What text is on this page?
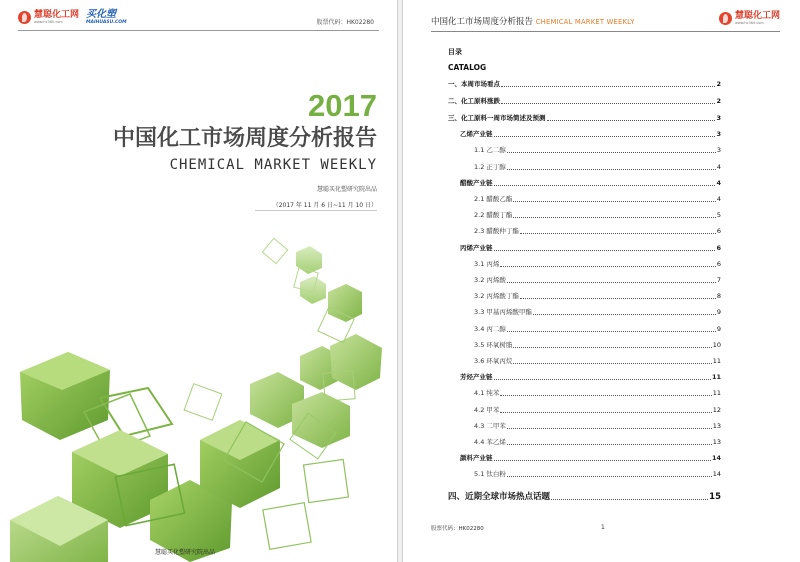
慧聪化工网
www.hc360.com
买化塑
MAIHUASU.COM	股票代码：HK02280
2017
中国化工市场周度分析报告
CHEMICAL MARKET WEEKLY
慧聪买化塑研究院出品
（2017 年 11 月 6 日~11 月 10 日）
慧聪买化塑研究院出品
中国化工市场周度分析报告 CHEMICAL MARKET WEEKLY
慧聪化工网
www.hc360.com
目录
CATALOG
一、本周市场看点	2
二、化工原料涨跌	2
三、化工原料一周市场简述及预测	3
乙烯产业链	3
1.1 乙二醇	3
1.2 正丁醇	4
醋酸产业链	4
2.1 醋酸乙酯	4
2.2 醋酸丁酯	5
2.3 醋酸仲丁酯	6
丙烯产业链	6
3.1 丙烯	6
3.2 丙烯酸	7
3.2 丙烯酸丁酯	8
3.3 甲基丙烯酸甲酯	9
3.4 丙二醇	9
3.5 环氧树脂	10
3.6 环氧丙烷	11
芳烃产业链	11
4.1 纯苯	11
4.2 甲苯	12
4.3 二甲苯	13
4.4 苯乙烯	13
颜料产业链	14
5.1 钛白粉	14
四、近期全球市场热点话题	15
股票代码：HK02280	1
